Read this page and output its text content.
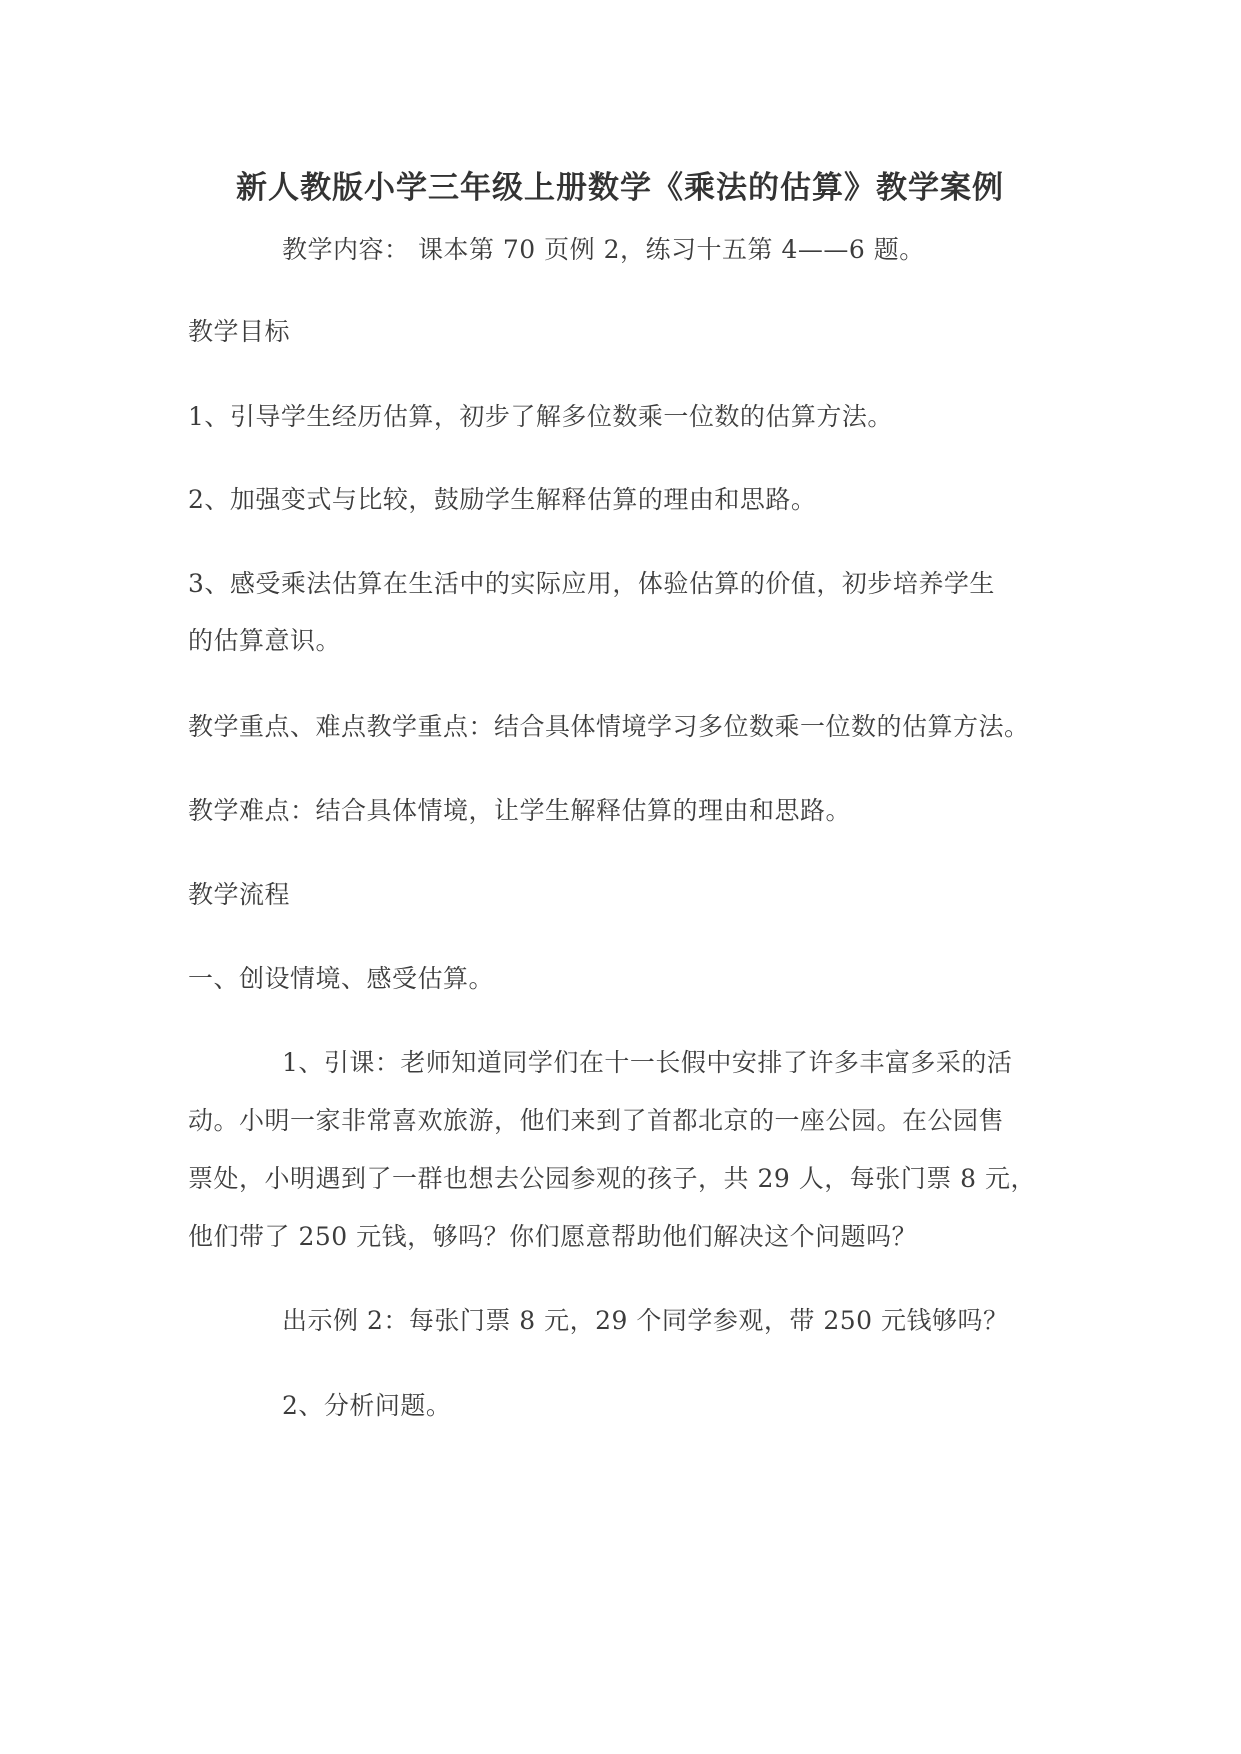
新人教版小学三年级上册数学《乘法的估算》教学案例
教学内容： 课本第 70 页例 2，练习十五第 4——6 题。
教学目标
1、引导学生经历估算，初步了解多位数乘一位数的估算方法。
2、加强变式与比较，鼓励学生解释估算的理由和思路。
3、感受乘法估算在生活中的实际应用，体验估算的价值，初步培养学生
的估算意识。
教学重点、难点教学重点：结合具体情境学习多位数乘一位数的估算方法。
教学难点：结合具体情境，让学生解释估算的理由和思路。
教学流程
一、创设情境、感受估算。
1、引课：老师知道同学们在十一长假中安排了许多丰富多采的活
动。小明一家非常喜欢旅游，他们来到了首都北京的一座公园。在公园售
票处，小明遇到了一群也想去公园参观的孩子，共 29 人，每张门票 8 元，
他们带了 250 元钱，够吗？你们愿意帮助他们解决这个问题吗？
出示例 2：每张门票 8 元，29 个同学参观，带 250 元钱够吗？
2、分析问题。
